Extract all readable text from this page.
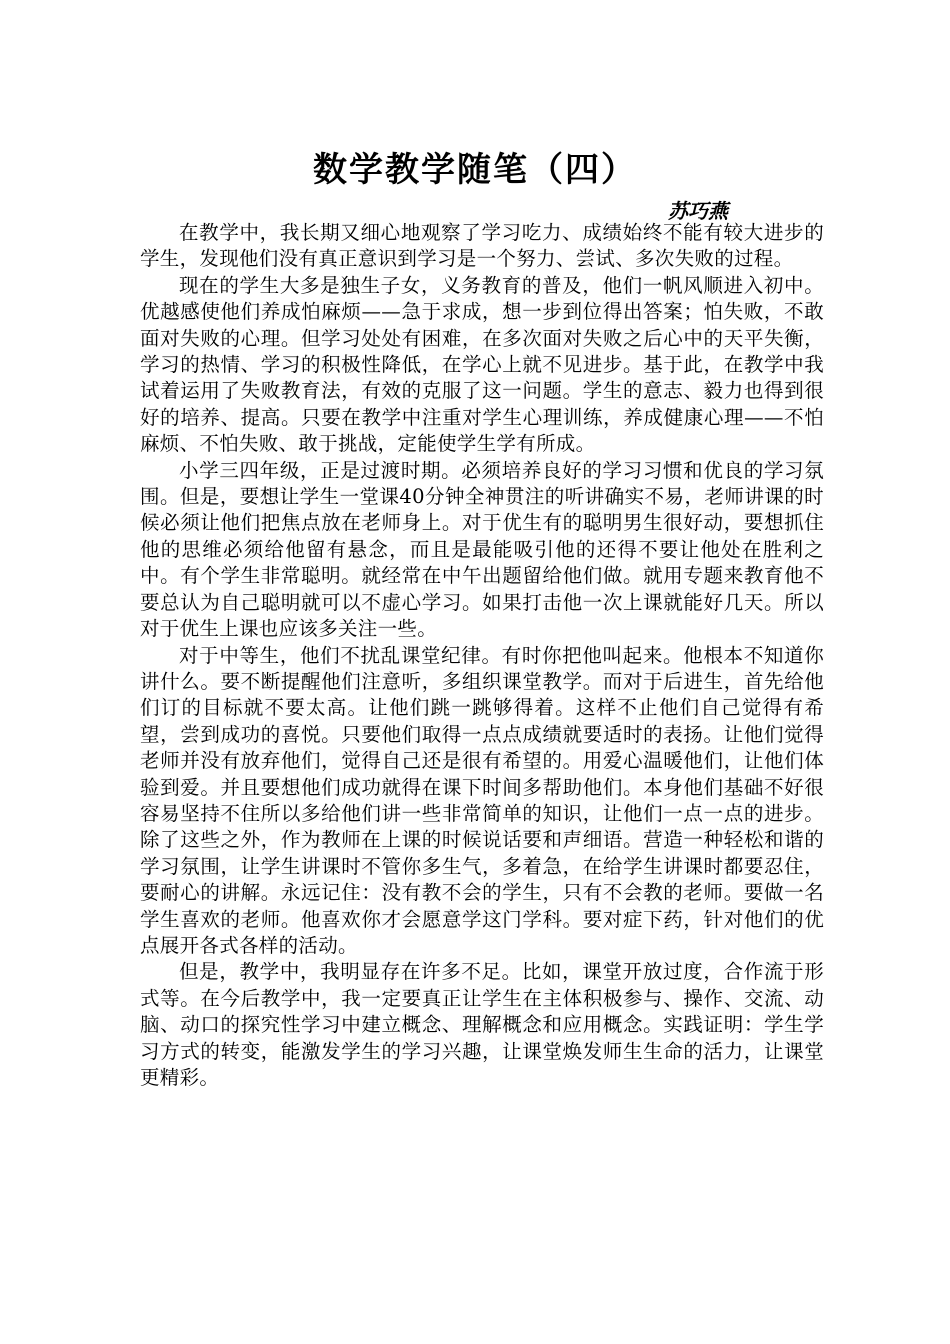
数学教学随笔（四）
苏巧燕

在教学中，我长期又细心地观察了学习吃力、成绩始终不能有较大进步的学生，发现他们没有真正意识到学习是一个努力、尝试、多次失败的过程。

现在的学生大多是独生子女，义务教育的普及，他们一帆风顺进入初中。优越感使他们养成怕麻烦——急于求成，想一步到位得出答案；怕失败，不敢面对失败的心理。但学习处处有困难，在多次面对失败之后心中的天平失衡，学习的热情、学习的积极性降低，在学心上就不见进步。基于此，在教学中我试着运用了失败教育法，有效的克服了这一问题。学生的意志、毅力也得到很好的培养、提高。只要在教学中注重对学生心理训练，养成健康心理——不怕麻烦、不怕失败、敢于挑战，定能使学生学有所成。

小学三四年级，正是过渡时期。必须培养良好的学习习惯和优良的学习氛围。但是，要想让学生一堂课40分钟全神贯注的听讲确实不易，老师讲课的时候必须让他们把焦点放在老师身上。对于优生有的聪明男生很好动，要想抓住他的思维必须给他留有悬念，而且是最能吸引他的还得不要让他处在胜利之中。有个学生非常聪明。就经常在中午出题留给他们做。就用专题来教育他不要总认为自己聪明就可以不虚心学习。如果打击他一次上课就能好几天。所以对于优生上课也应该多关注一些。

对于中等生，他们不扰乱课堂纪律。有时你把他叫起来。他根本不知道你讲什么。要不断提醒他们注意听，多组织课堂教学。而对于后进生，首先给他们订的目标就不要太高。让他们跳一跳够得着。这样不止他们自己觉得有希望，尝到成功的喜悦。只要他们取得一点点成绩就要适时的表扬。让他们觉得老师并没有放弃他们，觉得自己还是很有希望的。用爱心温暖他们，让他们体验到爱。并且要想他们成功就得在课下时间多帮助他们。本身他们基础不好很容易坚持不住所以多给他们讲一些非常简单的知识，让他们一点一点的进步。除了这些之外，作为教师在上课的时候说话要和声细语。营造一种轻松和谐的学习氛围，让学生讲课时不管你多生气，多着急，在给学生讲课时都要忍住，要耐心的讲解。永远记住：没有教不会的学生，只有不会教的老师。要做一名学生喜欢的老师。他喜欢你才会愿意学这门学科。要对症下药，针对他们的优点展开各式各样的活动。

但是，教学中，我明显存在许多不足。比如，课堂开放过度，合作流于形式等。在今后教学中，我一定要真正让学生在主体积极参与、操作、交流、动脑、动口的探究性学习中建立概念、理解概念和应用概念。实践证明：学生学习方式的转变，能激发学生的学习兴趣，让课堂焕发师生生命的活力，让课堂更精彩。
